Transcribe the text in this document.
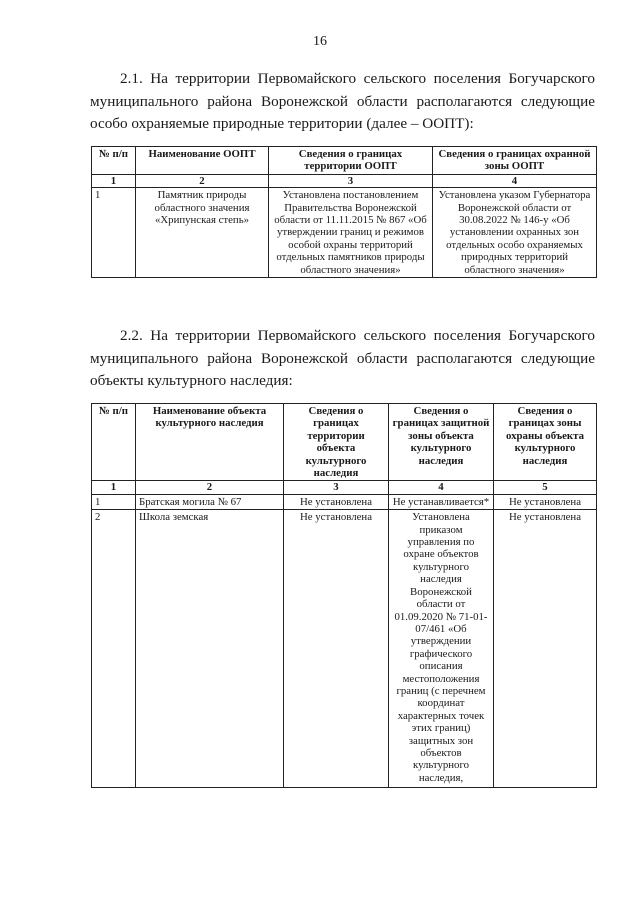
16
2.1. На территории Первомайского сельского поселения Богучарского муниципального района Воронежской области располагаются следующие особо охраняемые природные территории (далее – ООПТ):
№ п/п	Наименование ООПТ	Сведения о границах территории ООПТ	Сведения о границах охранной зоны ООПТ
1	2	3	4
1	Памятник природы областного значения «Хрипунская степь»	Установлена постановлением Правительства Воронежской области от 11.11.2015 № 867 «Об утверждении границ и режимов особой охраны территорий отдельных памятников природы областного значения»	Установлена указом Губернатора Воронежской области от 30.08.2022 № 146-у «Об установлении охранных зон отдельных особо охраняемых природных территорий областного значения»
2.2. На территории Первомайского сельского поселения Богучарского муниципального района Воронежской области располагаются следующие объекты культурного наследия:
№ п/п	Наименование объекта культурного наследия	Сведения о границах территории объекта культурного наследия	Сведения о границах защитной зоны объекта культурного наследия	Сведения о границах зоны охраны объекта культурного наследия
1	2	3	4	5
1	Братская могила № 67	Не установлена	Не устанавливается*	Не установлена
2	Школа земская	Не установлена	Установлена приказом управления по охране объектов культурного наследия Воронежской области от 01.09.2020 № 71-01-07/461 «Об утверждении графического описания местоположения границ (с перечнем координат характерных точек этих границ) защитных зон объектов культурного наследия,	Не установлена
